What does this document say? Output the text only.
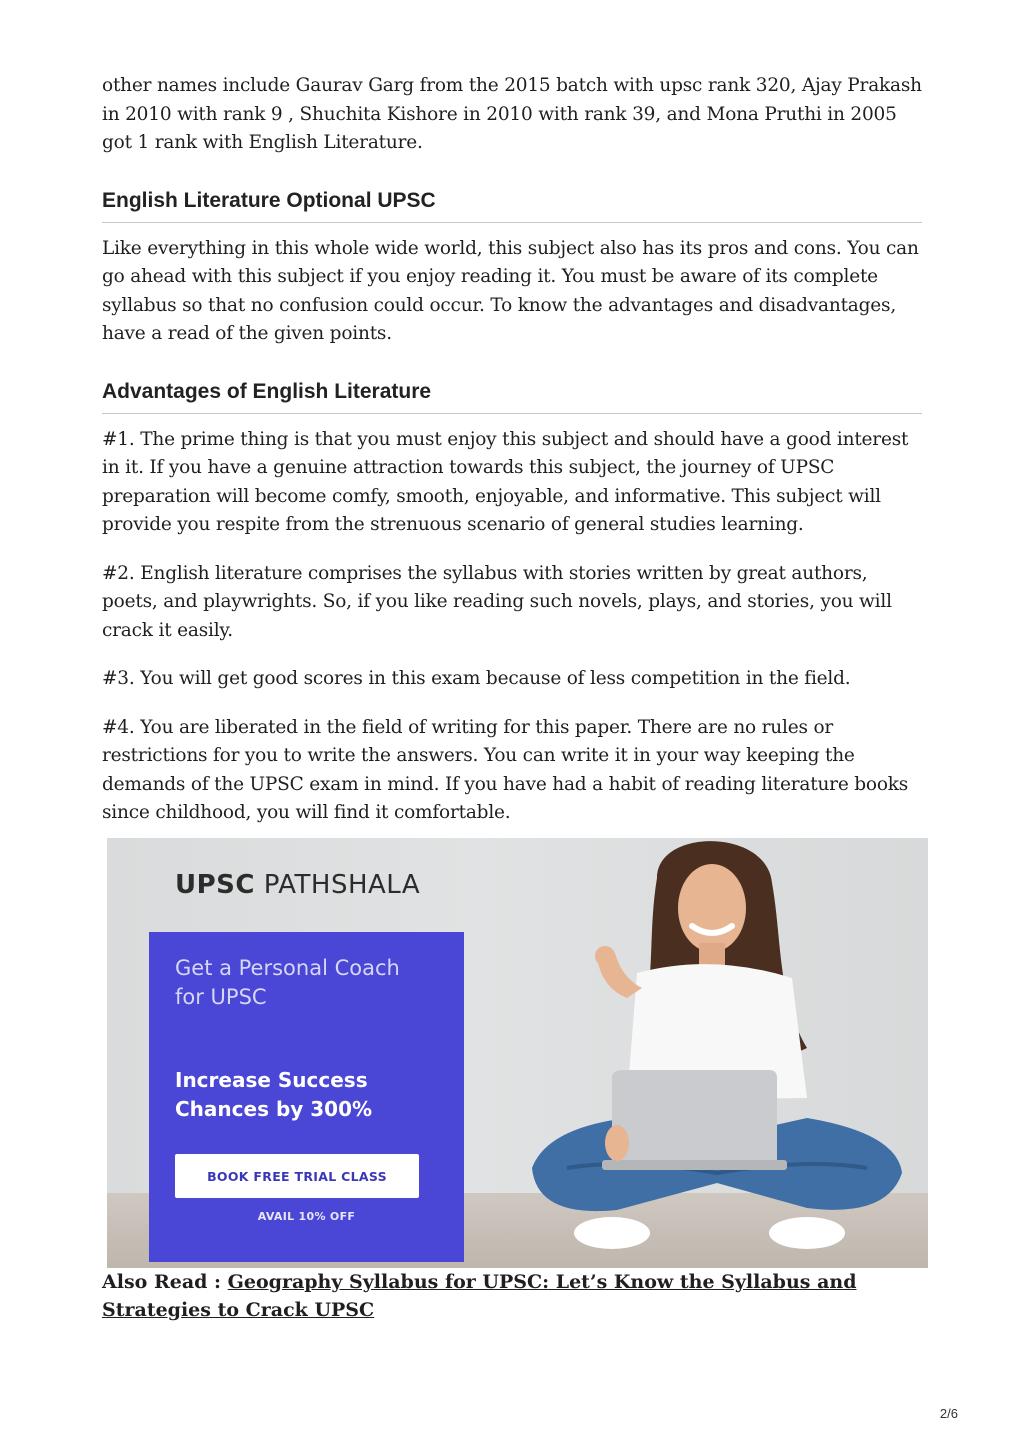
other names include Gaurav Garg from the 2015 batch with upsc rank 320, Ajay Prakash in 2010 with rank 9 , Shuchita Kishore in 2010 with rank 39, and Mona Pruthi in 2005 got 1 rank with English Literature.

English Literature Optional UPSC

Like everything in this whole wide world, this subject also has its pros and cons. You can go ahead with this subject if you enjoy reading it. You must be aware of its complete syllabus so that no confusion could occur. To know the advantages and disadvantages, have a read of the given points.

Advantages of English Literature

#1. The prime thing is that you must enjoy this subject and should have a good interest in it. If you have a genuine attraction towards this subject, the journey of UPSC preparation will become comfy, smooth, enjoyable, and informative. This subject will provide you respite from the strenuous scenario of general studies learning.

#2. English literature comprises the syllabus with stories written by great authors, poets, and playwrights. So, if you like reading such novels, plays, and stories, you will crack it easily.

#3. You will get good scores in this exam because of less competition in the field.

#4. You are liberated in the field of writing for this paper. There are no rules or restrictions for you to write the answers. You can write it in your way keeping the demands of the UPSC exam in mind. If you have had a habit of reading literature books since childhood, you will find it comfortable.

UPSC PATHSHALA
Get a Personal Coach for UPSC
Increase Success Chances by 300%
BOOK FREE TRIAL CLASS
AVAIL 10% OFF
Also Read : Geography Syllabus for UPSC: Let’s Know the Syllabus and Strategies to Crack UPSC
2/6
